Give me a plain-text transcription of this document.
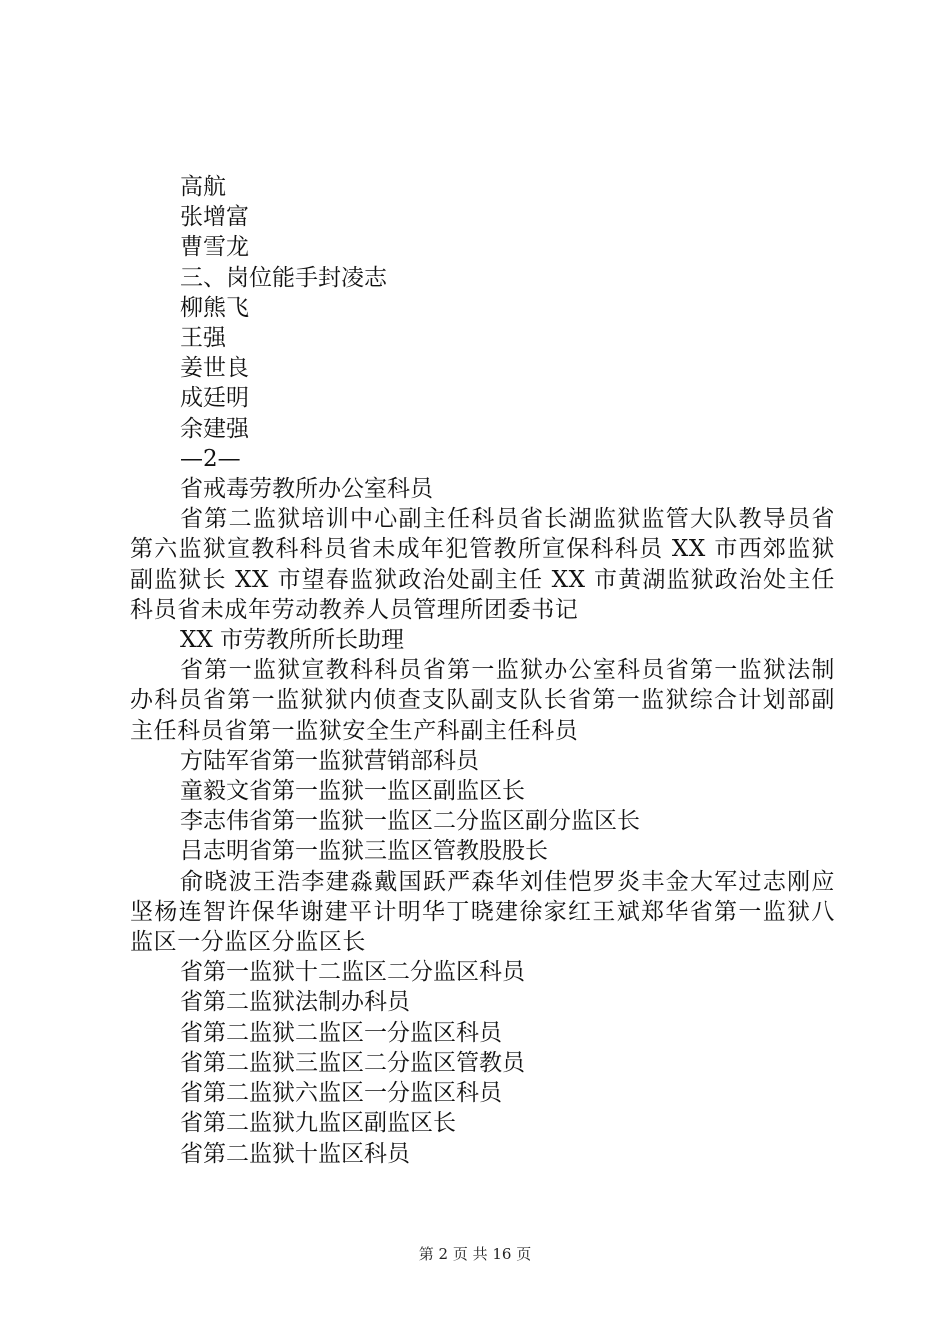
高航

张增富

曹雪龙

三、岗位能手封凌志

柳熊飞

王强

姜世良

成廷明

余建强

—2—

省戒毒劳教所办公室科员

省第二监狱培训中心副主任科员省长湖监狱监管大队教导员省第六监狱宣教科科员省未成年犯管教所宣保科科员 XX 市西郊监狱副监狱长 XX 市望春监狱政治处副主任 XX 市黄湖监狱政治处主任科员省未成年劳动教养人员管理所团委书记

XX 市劳教所所长助理

省第一监狱宣教科科员省第一监狱办公室科员省第一监狱法制办科员省第一监狱狱内侦查支队副支队长省第一监狱综合计划部副主任科员省第一监狱安全生产科副主任科员

方陆军省第一监狱营销部科员

童毅文省第一监狱一监区副监区长

李志伟省第一监狱一监区二分监区副分监区长

吕志明省第一监狱三监区管教股股长

俞晓波王浩李建淼戴国跃严森华刘佳恺罗炎丰金大军过志刚应坚杨连智许保华谢建平计明华丁晓建徐家红王斌郑华省第一监狱八监区一分监区分监区长

省第一监狱十二监区二分监区科员

省第二监狱法制办科员

省第二监狱二监区一分监区科员

省第二监狱三监区二分监区管教员

省第二监狱六监区一分监区科员

省第二监狱九监区副监区长

省第二监狱十监区科员

第 2 页 共 16 页
